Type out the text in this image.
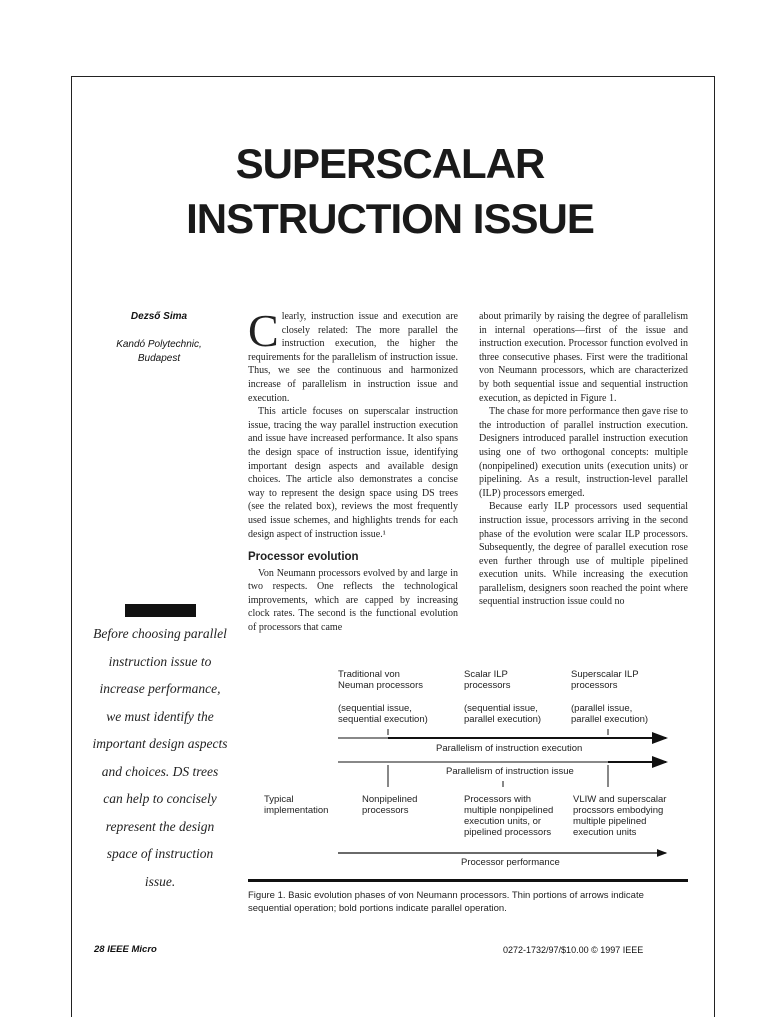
SUPERSCALAR
INSTRUCTION ISSUE
Dezső Sima
Kandó Polytechnic,
Budapest

Clearly, instruction issue and execution are closely related: The more parallel the instruction execution, the higher the requirements for the parallelism of instruction issue. Thus, we see the continuous and harmonized increase of parallelism in instruction issue and execution.

This article focuses on superscalar instruction issue, tracing the way parallel instruction execution and issue have increased performance. It also spans the design space of instruction issue, identifying important design aspects and available design choices. The article also demonstrates a concise way to represent the design space using DS trees (see the related box), reviews the most frequently used issue schemes, and highlights trends for each design aspect of instruction issue.¹

Processor evolution

Von Neumann processors evolved by and large in two respects. One reflects the technological improvements, which are capped by increasing clock rates. The second is the functional evolution of processors that came

about primarily by raising the degree of parallelism in internal operations—first of the issue and instruction execution. Processor function evolved in three consecutive phases. First were the traditional von Neumann processors, which are characterized by both sequential issue and sequential instruction execution, as depicted in Figure 1.

The chase for more performance then gave rise to the introduction of parallel instruction execution. Designers introduced parallel instruction execution using one of two orthogonal concepts: multiple (nonpipelined) execution units (execution units) or pipelining. As a result, instruction-level parallel (ILP) processors emerged.

Because early ILP processors used sequential instruction issue, processors arriving in the second phase of the evolution were scalar ILP processors. Subsequently, the degree of parallel execution rose even further through use of multiple pipelined execution units. While increasing the execution parallelism, designers soon reached the point where sequential instruction issue could no

Before choosing parallel instruction issue to increase performance, we must identify the important design aspects and choices. DS trees can help to concisely represent the design space of instruction issue.
Traditional von
Neuman processors
(sequential issue,
sequential execution)
Scalar ILP
processors
(sequential issue,
parallel execution)
Superscalar ILP
processors
(parallel issue,
parallel execution)
Parallelism of instruction execution
Parallelism of instruction issue
Typical
implementation
Nonpipelined
processors
Processors with
multiple nonpipelined
execution units, or
pipelined processors
VLIW and superscalar
procssors embodying
multiple pipelined
execution units
Processor performance
Figure 1. Basic evolution phases of von Neumann processors. Thin portions of arrows indicate sequential operation; bold portions indicate parallel operation.
28 IEEE Micro	0272-1732/97/$10.00 © 1997 IEEE
